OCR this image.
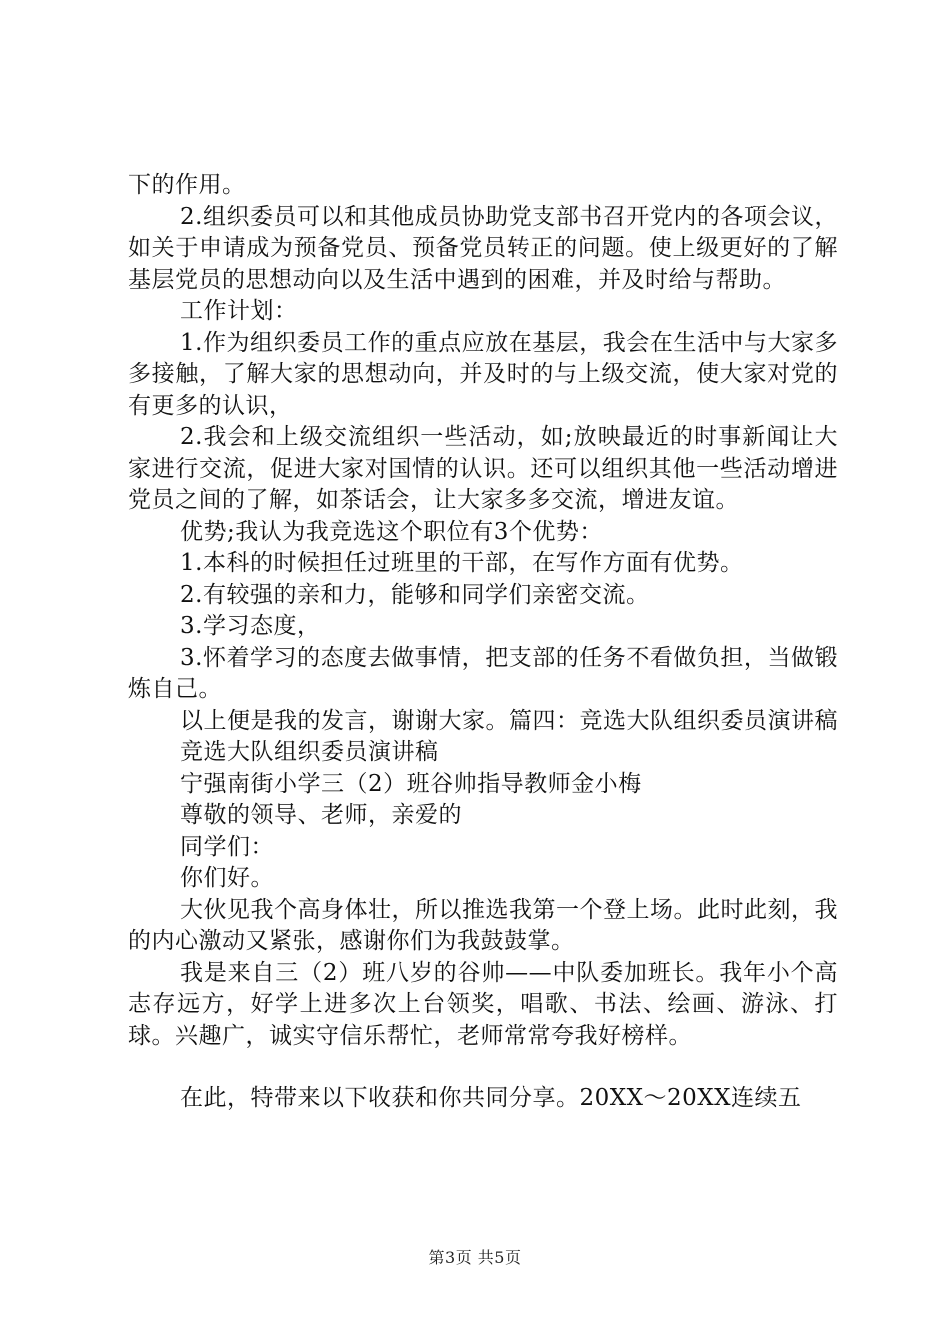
下的作用。

2.组织委员可以和其他成员协助党支部书召开党内的各项会议，如关于申请成为预备党员、预备党员转正的问题。使上级更好的了解基层党员的思想动向以及生活中遇到的困难，并及时给与帮助。

工作计划：

1.作为组织委员工作的重点应放在基层，我会在生活中与大家多多接触，了解大家的思想动向，并及时的与上级交流，使大家对党的有更多的认识，

2.我会和上级交流组织一些活动，如;放映最近的时事新闻让大家进行交流，促进大家对国情的认识。还可以组织其他一些活动增进党员之间的了解，如茶话会，让大家多多交流，增进友谊。

优势;我认为我竞选这个职位有3个优势：

1.本科的时候担任过班里的干部，在写作方面有优势。

2.有较强的亲和力，能够和同学们亲密交流。

3.学习态度，

3.怀着学习的态度去做事情，把支部的任务不看做负担，当做锻炼自己。

以上便是我的发言，谢谢大家。篇四：竞选大队组织委员演讲稿

竞选大队组织委员演讲稿

宁强南街小学三（2）班谷帅指导教师金小梅

尊敬的领导、老师，亲爱的

同学们：

你们好。

大伙见我个高身体壮，所以推选我第一个登上场。此时此刻，我的内心激动又紧张，感谢你们为我鼓鼓掌。

我是来自三（2）班八岁的谷帅——中队委加班长。我年小个高志存远方，好学上进多次上台领奖，唱歌、书法、绘画、游泳、打球。兴趣广，诚实守信乐帮忙，老师常常夸我好榜样。

在此，特带来以下收获和你共同分享。20XX～20XX连续五

第3页 共5页
